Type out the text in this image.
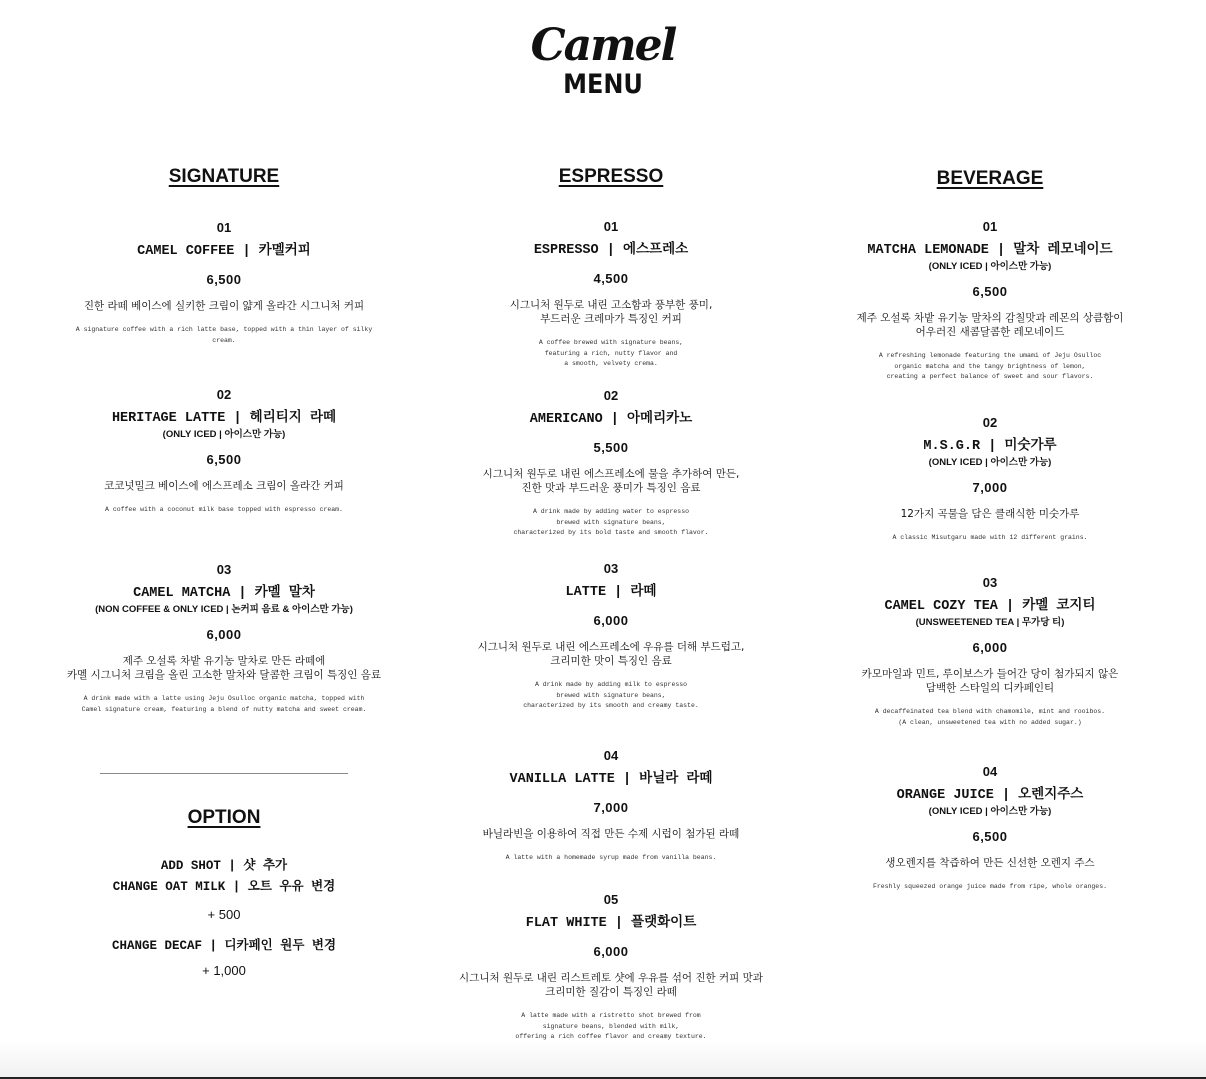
Camel
MENU
SIGNATURE
01
CAMEL COFFEE | 카멜커피
6,500
진한 라떼 베이스에 실키한 크림이 얇게 올라간 시그니처 커피
A signature coffee with a rich latte base, topped with a thin layer of silky cream.
02
HERITAGE LATTE | 헤리티지 라떼
(ONLY ICED | 아이스만 가능)
6,500
코코넛밀크 베이스에 에스프레소 크림이 올라간 커피
A coffee with a coconut milk base topped with espresso cream.
03
CAMEL MATCHA | 카멜 말차
(NON COFFEE & ONLY ICED | 논커피 음료 & 아이스만 가능)
6,000
제주 오설록 차밭 유기농 말차로 만든 라떼에
카멜 시그니처 크림을 올린 고소한 말차와 달콤한 크림이 특징인 음료
A drink made with a latte using Jeju Osulloc organic matcha, topped with
Camel signature cream, featuring a blend of nutty matcha and sweet cream.
OPTION
ADD SHOT | 샷 추가
CHANGE OAT MILK | 오트 우유 변경
+ 500
CHANGE DECAF | 디카페인 원두 변경
+ 1,000
ESPRESSO
01
ESPRESSO | 에스프레소
4,500
시그니처 원두로 내린 고소함과 풍부한 풍미,
부드러운 크레마가 특징인 커피
A coffee brewed with signature beans,
featuring a rich, nutty flavor and
a smooth, velvety crema.
02
AMERICANO | 아메리카노
5,500
시그니처 원두로 내린 에스프레소에 물을 추가하여 만든,
진한 맛과 부드러운 풍미가 특징인 음료
A drink made by adding water to espresso
brewed with signature beans,
characterized by its bold taste and smooth flavor.
03
LATTE | 라떼
6,000
시그니처 원두로 내린 에스프레소에 우유를 더해 부드럽고,
크리미한 맛이 특징인 음료
A drink made by adding milk to espresso
brewed with signature beans,
characterized by its smooth and creamy taste.
04
VANILLA LATTE | 바닐라 라떼
7,000
바닐라빈을 이용하여 직접 만든 수제 시럽이 첨가된 라떼
A latte with a homemade syrup made from vanilla beans.
05
FLAT WHITE | 플랫화이트
6,000
시그니처 원두로 내린 리스트레토 샷에 우유를 섞어 진한 커피 맛과
크리미한 질감이 특징인 라떼
A latte made with a ristretto shot brewed from
signature beans, blended with milk,
offering a rich coffee flavor and creamy texture.
BEVERAGE
01
MATCHA LEMONADE | 말차 레모네이드
(ONLY ICED | 아이스만 가능)
6,500
제주 오설록 차밭 유기농 말차의 감칠맛과 레몬의 상큼함이
어우러진 새콤달콤한 레모네이드
A refreshing lemonade featuring the umami of Jeju Osulloc
organic matcha and the tangy brightness of lemon,
creating a perfect balance of sweet and sour flavors.
02
M.S.G.R | 미숫가루
(ONLY ICED | 아이스만 가능)
7,000
12가지 곡물을 담은 클래식한 미숫가루
A classic Misutgaru made with 12 different grains.
03
CAMEL COZY TEA | 카멜 코지티
(UNSWEETENED TEA | 무가당 티)
6,000
카모마일과 민트, 루이보스가 들어간 당이 첨가되지 않은
담백한 스타일의 디카페인티
A decaffeinated tea blend with chamomile, mint and rooibos.
(A clean, unsweetened tea with no added sugar.)
04
ORANGE JUICE | 오렌지주스
(ONLY ICED | 아이스만 가능)
6,500
생오렌지를 착즙하여 만든 신선한 오렌지 주스
Freshly squeezed orange juice made from ripe, whole oranges.
